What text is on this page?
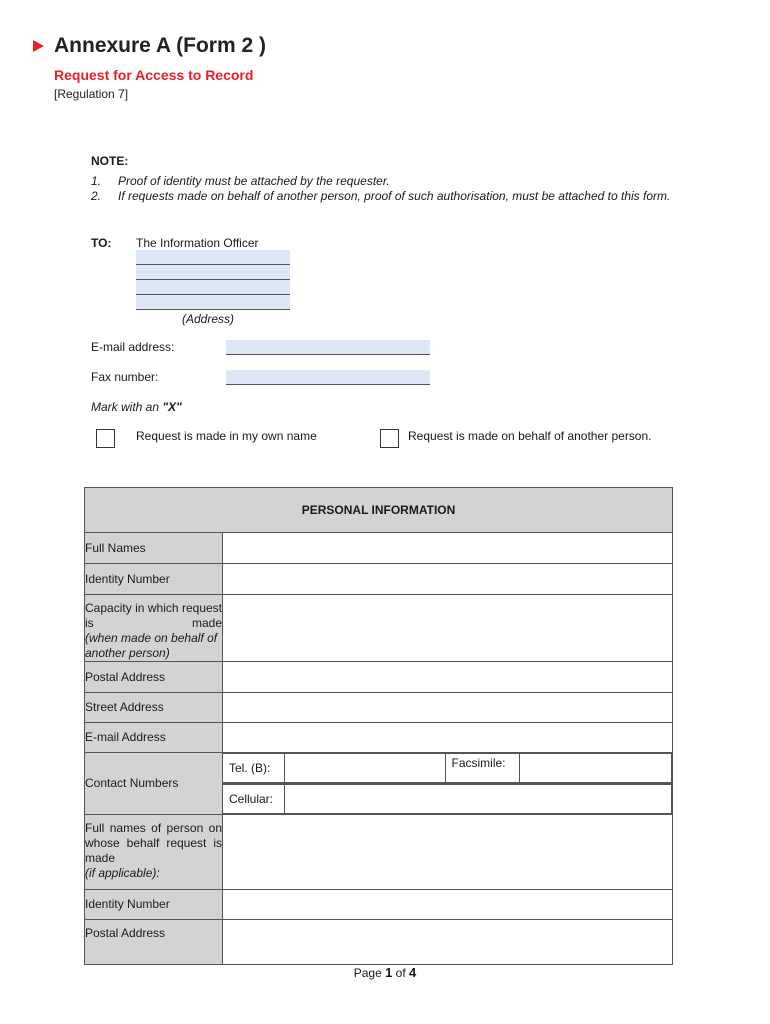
Annexure A (Form 2 )
Request for Access to Record
[Regulation 7]
NOTE:
1. Proof of identity must be attached by the requester.
2. If requests made on behalf of another person, proof of such authorisation, must be attached to this form.
TO: The Information Officer
(Address)
E-mail address:
Fax number:
Mark with an "X"
Request is made in my own name	Request is made on behalf of another person.
PERSONAL INFORMATION
Full Names	
Identity Number	

Capacity in which request is made
(when made on behalf of another person)	
Postal Address	
Street Address	
E-mail Address	
Contact Numbers	
Tel. (B):		Facsimile:	

Cellular:	

Full names of person on whose behalf request is made
(if applicable):	
Identity Number	
Postal Address	
Page 1 of 4
